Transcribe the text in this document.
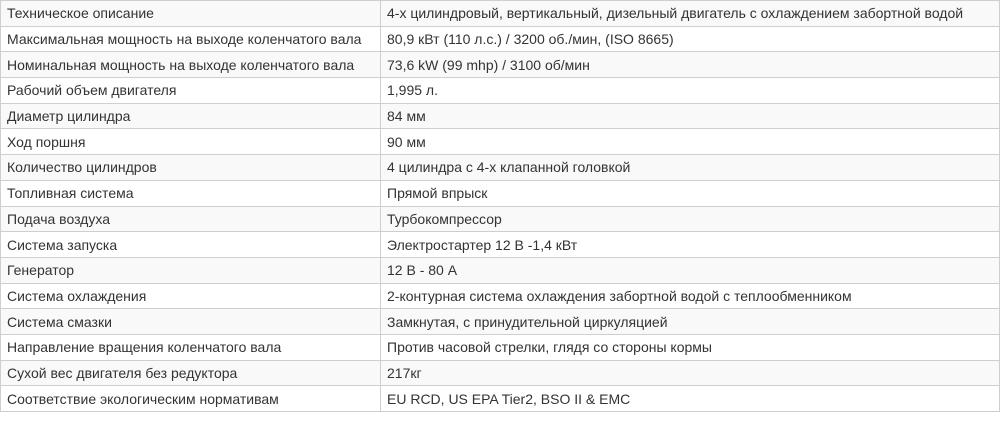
Техническое описание	4-х цилиндровый, вертикальный, дизельный двигатель с охлаждением забортной водой
Максимальная мощность на выходе коленчатого вала	80,9 кВт (110 л.с.) / 3200 об./мин, (ISO 8665)
Номинальная мощность на выходе коленчатого вала	73,6 kW (99 mhp) / 3100 об/мин
Рабочий объем двигателя	1,995 л.
Диаметр цилиндра	84 мм
Ход поршня	90 мм
Количество цилиндров	4 цилиндра с 4-х клапанной головкой
Топливная система	Прямой впрыск
Подача воздуха	Турбокомпрессор
Система запуска	Электростартер 12 В -1,4 кВт
Генератор	12 В - 80 А
Система охлаждения	2-контурная система охлаждения забортной водой с теплообменником
Система смазки	Замкнутая, с принудительной циркуляцией
Направление вращения коленчатого вала	Против часовой стрелки, глядя со стороны кормы
Сухой вес двигателя без редуктора	217кг
Соответствие экологическим нормативам	EU RCD, US EPA Tier2, BSO II & EMC
